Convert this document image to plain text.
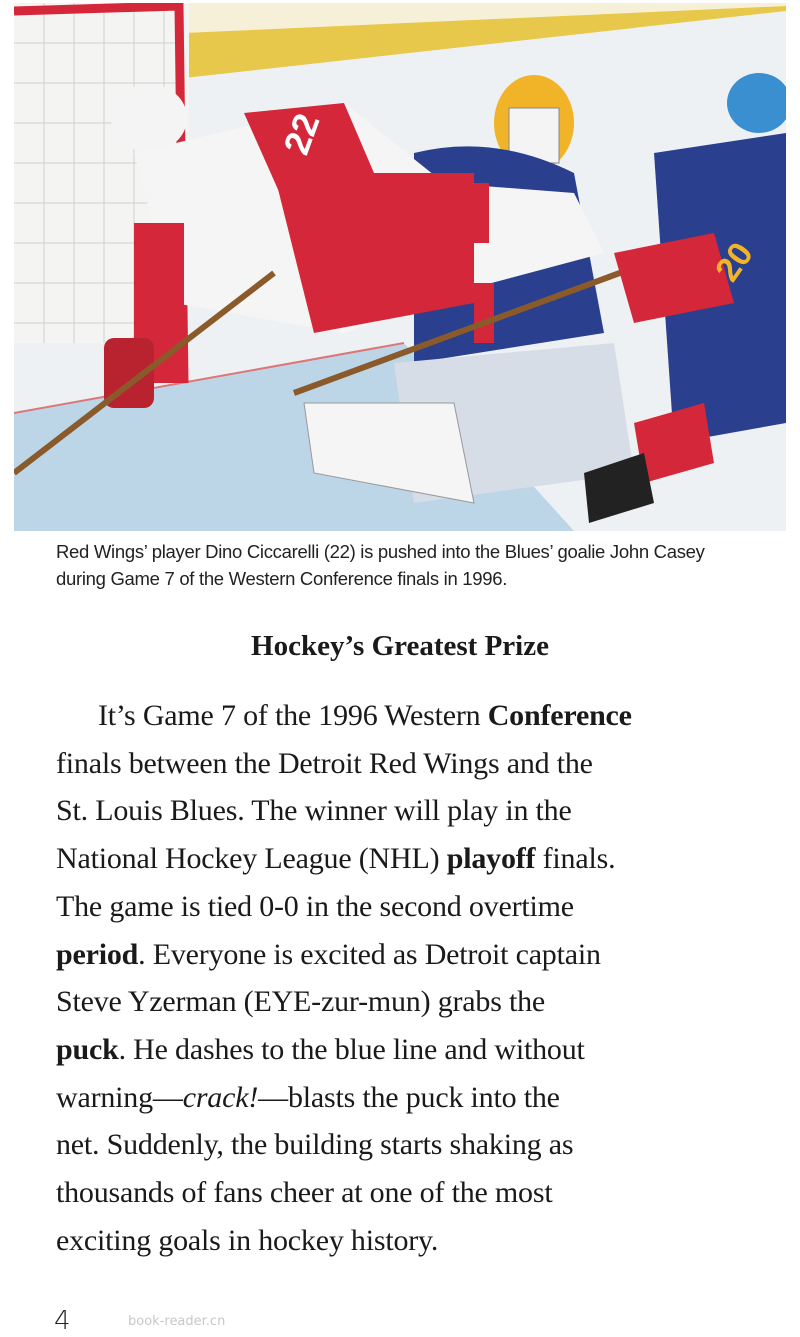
22
20
Red Wings’ player Dino Ciccarelli (22) is pushed into the Blues’ goalie John Casey during Game 7 of the Western Conference finals in 1996.
Hockey’s Greatest Prize
It’s Game 7 of the 1996 Western Conference
finals between the Detroit Red Wings and the
St. Louis Blues. The winner will play in the
National Hockey League (NHL) playoff finals.
The game is tied 0-0 in the second overtime
period. Everyone is excited as Detroit captain
Steve Yzerman (EYE-zur-mun) grabs the
puck. He dashes to the blue line and without
warning—crack!—blasts the puck into the
net. Suddenly, the building starts shaking as
thousands of fans cheer at one of the most
exciting goals in hockey history.
4	book-reader.cn
